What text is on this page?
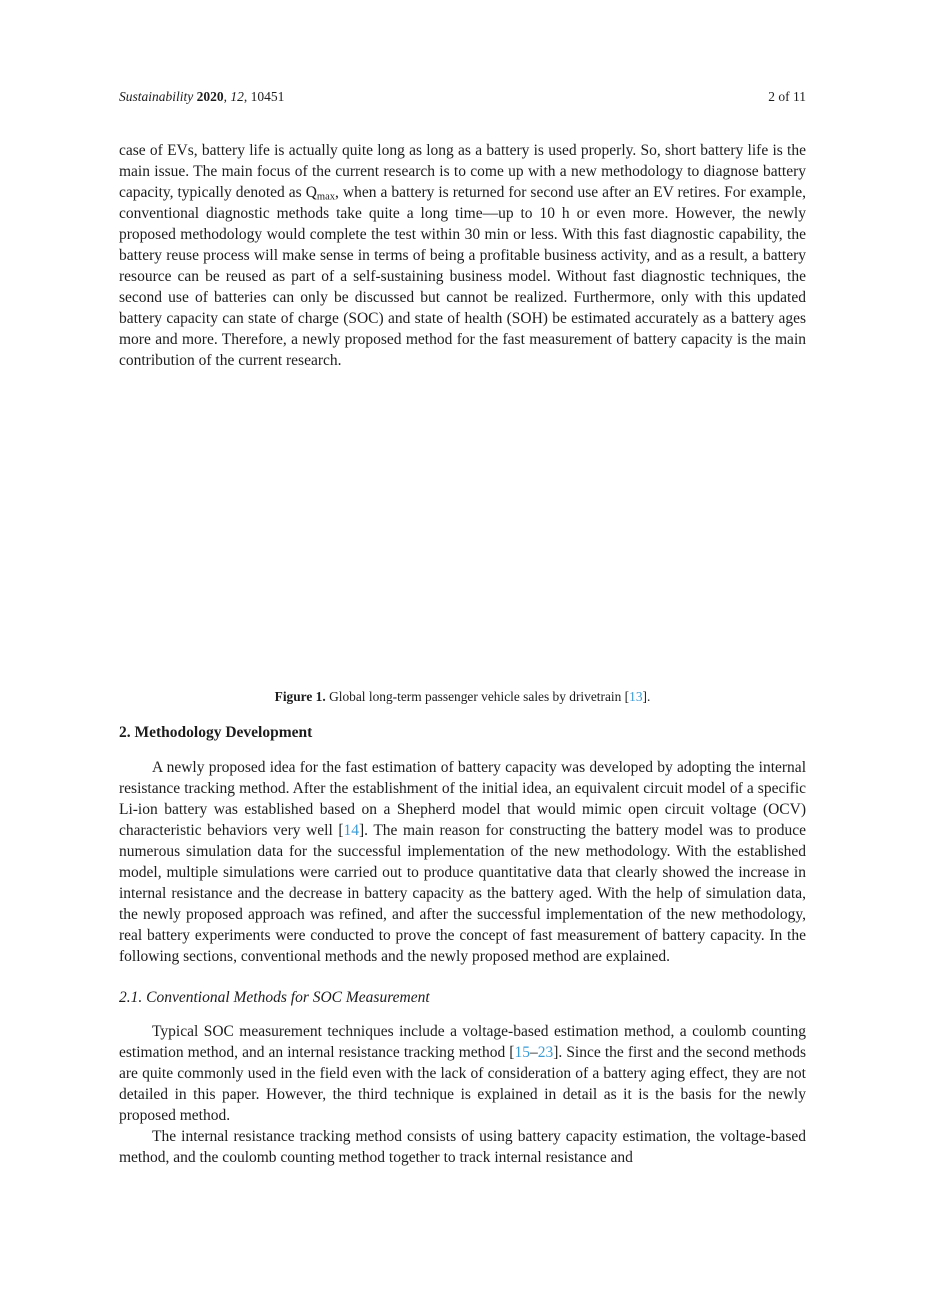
Sustainability 2020, 12, 10451	2 of 11

case of EVs, battery life is actually quite long as long as a battery is used properly. So, short battery life is the main issue. The main focus of the current research is to come up with a new methodology to diagnose battery capacity, typically denoted as $Q_{max}$, when a battery is returned for second use after an EV retires. For example, conventional diagnostic methods take quite a long time—up to 10 h or even more. However, the newly proposed methodology would complete the test within 30 min or less. With this fast diagnostic capability, the battery reuse process will make sense in terms of being a profitable business activity, and as a result, a battery resource can be reused as part of a self-sustaining business model. Without fast diagnostic techniques, the second use of batteries can only be discussed but cannot be realized. Furthermore, only with this updated battery capacity can state of charge (SOC) and state of health (SOH) be estimated accurately as a battery ages more and more. Therefore, a newly proposed method for the fast measurement of battery capacity is the main contribution of the current research.

Figure 1. Global long-term passenger vehicle sales by drivetrain [13].

2. Methodology Development

A newly proposed idea for the fast estimation of battery capacity was developed by adopting the internal resistance tracking method. After the establishment of the initial idea, an equivalent circuit model of a specific Li-ion battery was established based on a Shepherd model that would mimic open circuit voltage (OCV) characteristic behaviors very well [14]. The main reason for constructing the battery model was to produce numerous simulation data for the successful implementation of the new methodology. With the established model, multiple simulations were carried out to produce quantitative data that clearly showed the increase in internal resistance and the decrease in battery capacity as the battery aged. With the help of simulation data, the newly proposed approach was refined, and after the successful implementation of the new methodology, real battery experiments were conducted to prove the concept of fast measurement of battery capacity. In the following sections, conventional methods and the newly proposed method are explained.

2.1. Conventional Methods for SOC Measurement

Typical SOC measurement techniques include a voltage-based estimation method, a coulomb counting estimation method, and an internal resistance tracking method [15–23]. Since the first and the second methods are quite commonly used in the field even with the lack of consideration of a battery aging effect, they are not detailed in this paper. However, the third technique is explained in detail as it is the basis for the newly proposed method.

The internal resistance tracking method consists of using battery capacity estimation, the voltage-based method, and the coulomb counting method together to track internal resistance and
